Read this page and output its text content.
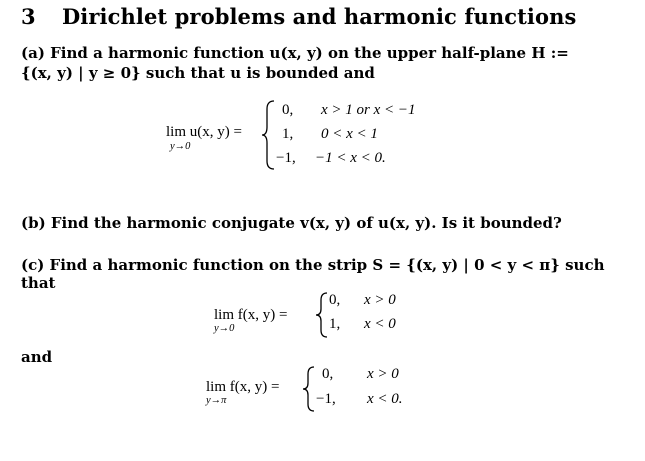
3 Dirichlet problems and harmonic functions
(a) Find a harmonic function u(x, y) on the upper half-plane H :=
{(x, y) | y ≥ 0} such that u is bounded and
lim u(x, y) =
y→0
0, x > 1 or x < −1
1, 0 < x < 1
−1, −1 < x < 0.
(b) Find the harmonic conjugate v(x, y) of u(x, y). Is it bounded?
(c) Find a harmonic function on the strip S = {(x, y) | 0 < y < π} such
that
lim f(x, y) =
y→0
0, x > 0
1, x < 0
and
lim f(x, y) =
y→π
0, x > 0
−1, x < 0.
